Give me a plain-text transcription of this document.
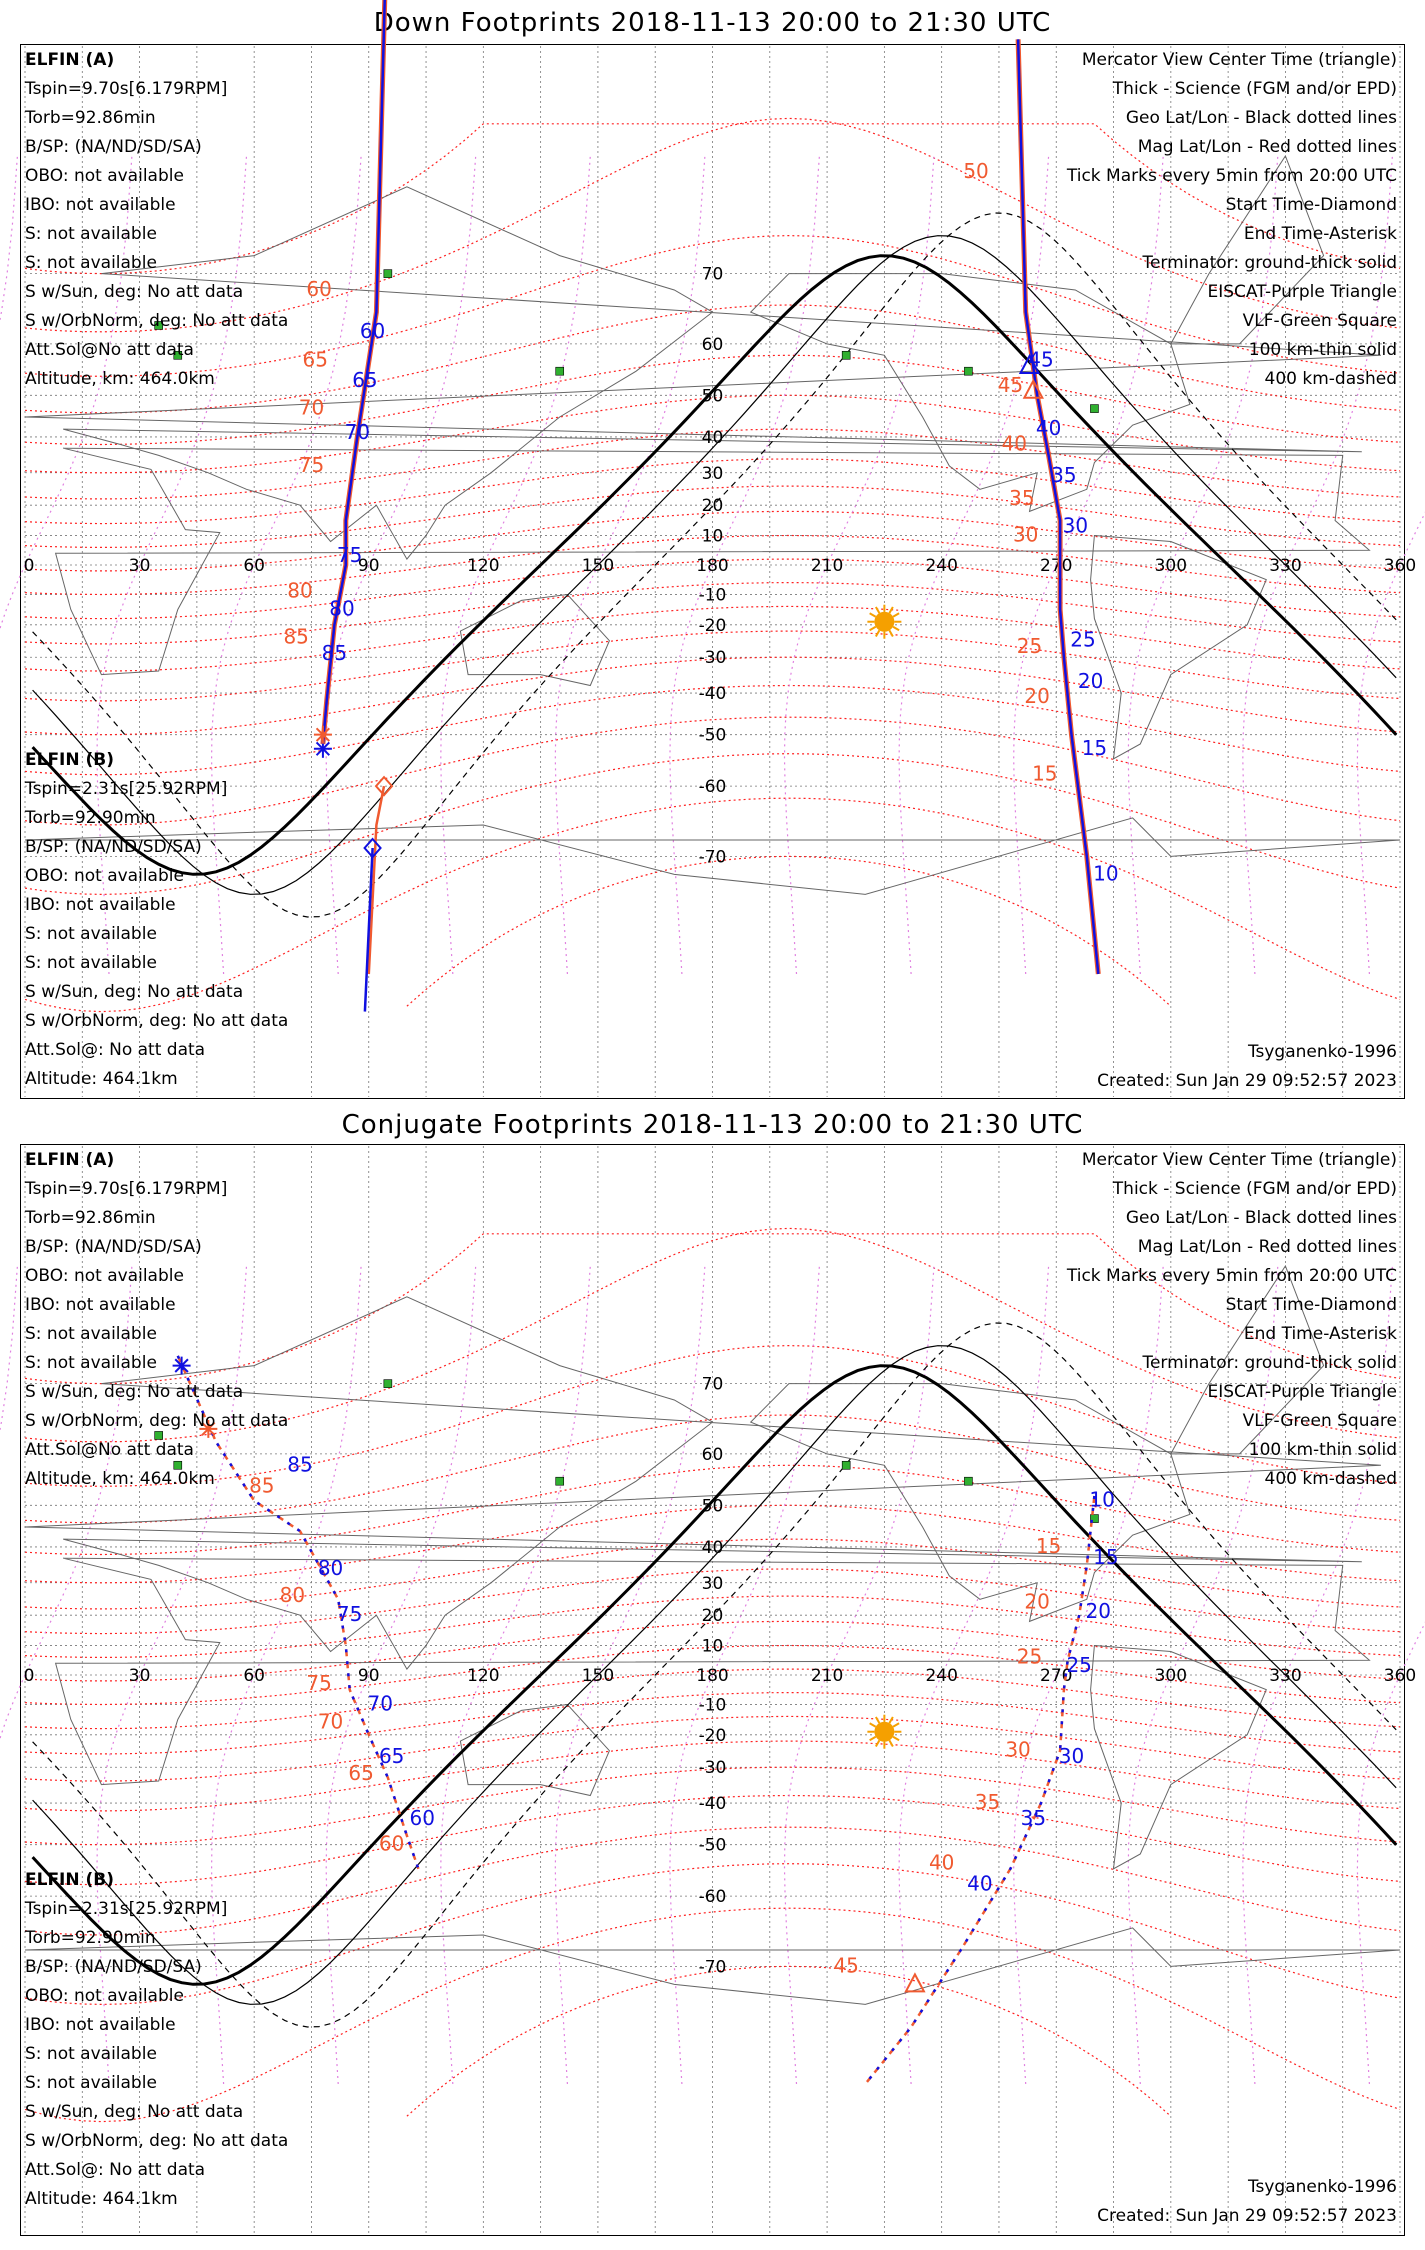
Down Footprints 2018-11-13 20:00 to 21:30 UTC
0	30	60	90	120	150	180	210	240	270	300	330	360
70
60
50
40
30
20
10
-10
-20
-30
-40
-50
-60
-70
60
65
70
75
80
85
60
65
70
75
80
85
45
40
35
30
25
20
15
10
50
45
40
35
30
25
20
15
ELFIN (A)
Tspin=9.70s[6.179RPM]
Torb=92.86min
B/SP: (NA/ND/SD/SA)
OBO: not available
IBO: not available
S: not available
S: not available
S w/Sun, deg: No att data
S w/OrbNorm, deg: No att data
Att.Sol@No att data
Altitude, km: 464.0km
ELFIN (B)
Tspin=2.31s[25.92RPM]
Torb=92.90min
B/SP: (NA/ND/SD/SA)
OBO: not available
IBO: not available
S: not available
S: not available
S w/Sun, deg: No att data
S w/OrbNorm, deg: No att data
Att.Sol@: No att data
Altitude: 464.1km
Mercator View Center Time (triangle)
Thick - Science (FGM and/or EPD)
Geo Lat/Lon - Black dotted lines
Mag Lat/Lon - Red dotted lines
Tick Marks every 5min from 20:00 UTC
Start Time-Diamond
End Time-Asterisk
Terminator: ground-thick solid
EISCAT-Purple Triangle
VLF-Green Square
100 km-thin solid
400 km-dashed
Tsyganenko-1996
Created: Sun Jan 29 09:52:57 2023
Conjugate Footprints 2018-11-13 20:00 to 21:30 UTC
0	30	60	90	120	150	180	210	240	270	300	330	360
70
60
50
40
30
20
10
-10
-20
-30
-40
-50
-60
-70
10
15
20
25
30
35
40
15
20
25
30
35
40
45
85
80
75
70
65
60
85
80
75
70
65
60
ELFIN (A)
Tspin=9.70s[6.179RPM]
Torb=92.86min
B/SP: (NA/ND/SD/SA)
OBO: not available
IBO: not available
S: not available
S: not available
S w/Sun, deg: No att data
S w/OrbNorm, deg: No att data
Att.Sol@No att data
Altitude, km: 464.0km
ELFIN (B)
Tspin=2.31s[25.92RPM]
Torb=92.90min
B/SP: (NA/ND/SD/SA)
OBO: not available
IBO: not available
S: not available
S: not available
S w/Sun, deg: No att data
S w/OrbNorm, deg: No att data
Att.Sol@: No att data
Altitude: 464.1km
Mercator View Center Time (triangle)
Thick - Science (FGM and/or EPD)
Geo Lat/Lon - Black dotted lines
Mag Lat/Lon - Red dotted lines
Tick Marks every 5min from 20:00 UTC
Start Time-Diamond
End Time-Asterisk
Terminator: ground-thick solid
EISCAT-Purple Triangle
VLF-Green Square
100 km-thin solid
400 km-dashed
Tsyganenko-1996
Created: Sun Jan 29 09:52:57 2023
